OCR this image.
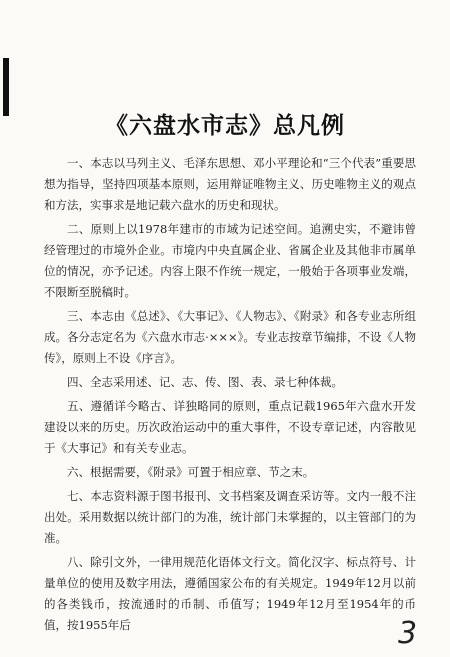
《六盘水市志》总凡例

一、本志以马列主义、毛泽东思想、邓小平理论和“三个代表”重要思想为指导，坚持四项基本原则，运用辩证唯物主义、历史唯物主义的观点和方法，实事求是地记载六盘水的历史和现状。

二、原则上以1978年建市的市域为记述空间。追溯史实，不避讳曾经管理过的市境外企业。市境内中央直属企业、省属企业及其他非市属单位的情况，亦予记述。内容上限不作统一规定，一般始于各项事业发端，不限断至脱稿时。

三、本志由《总述》、《大事记》、《人物志》、《附录》和各专业志所组成。各分志定名为《六盘水市志·×××》。专业志按章节编排，不设《人物传》，原则上不设《序言》。

四、全志采用述、记、志、传、图、表、录七种体裁。

五、遵循详今略古、详独略同的原则，重点记载1965年六盘水开发建设以来的历史。历次政治运动中的重大事件，不设专章记述，内容散见于《大事记》和有关专业志。

六、根据需要，《附录》可置于相应章、节之末。

七、本志资料源于图书报刊、文书档案及调查采访等。文内一般不注出处。采用数据以统计部门的为准，统计部门未掌握的，以主管部门的为准。

八、除引文外，一律用规范化语体文行文。简化汉字、标点符号、计量单位的使用及数字用法，遵循国家公布的有关规定。1949年12月以前的各类钱币，按流通时的币制、币值写；1949年12月至1954年的币值，按1955年后	3
